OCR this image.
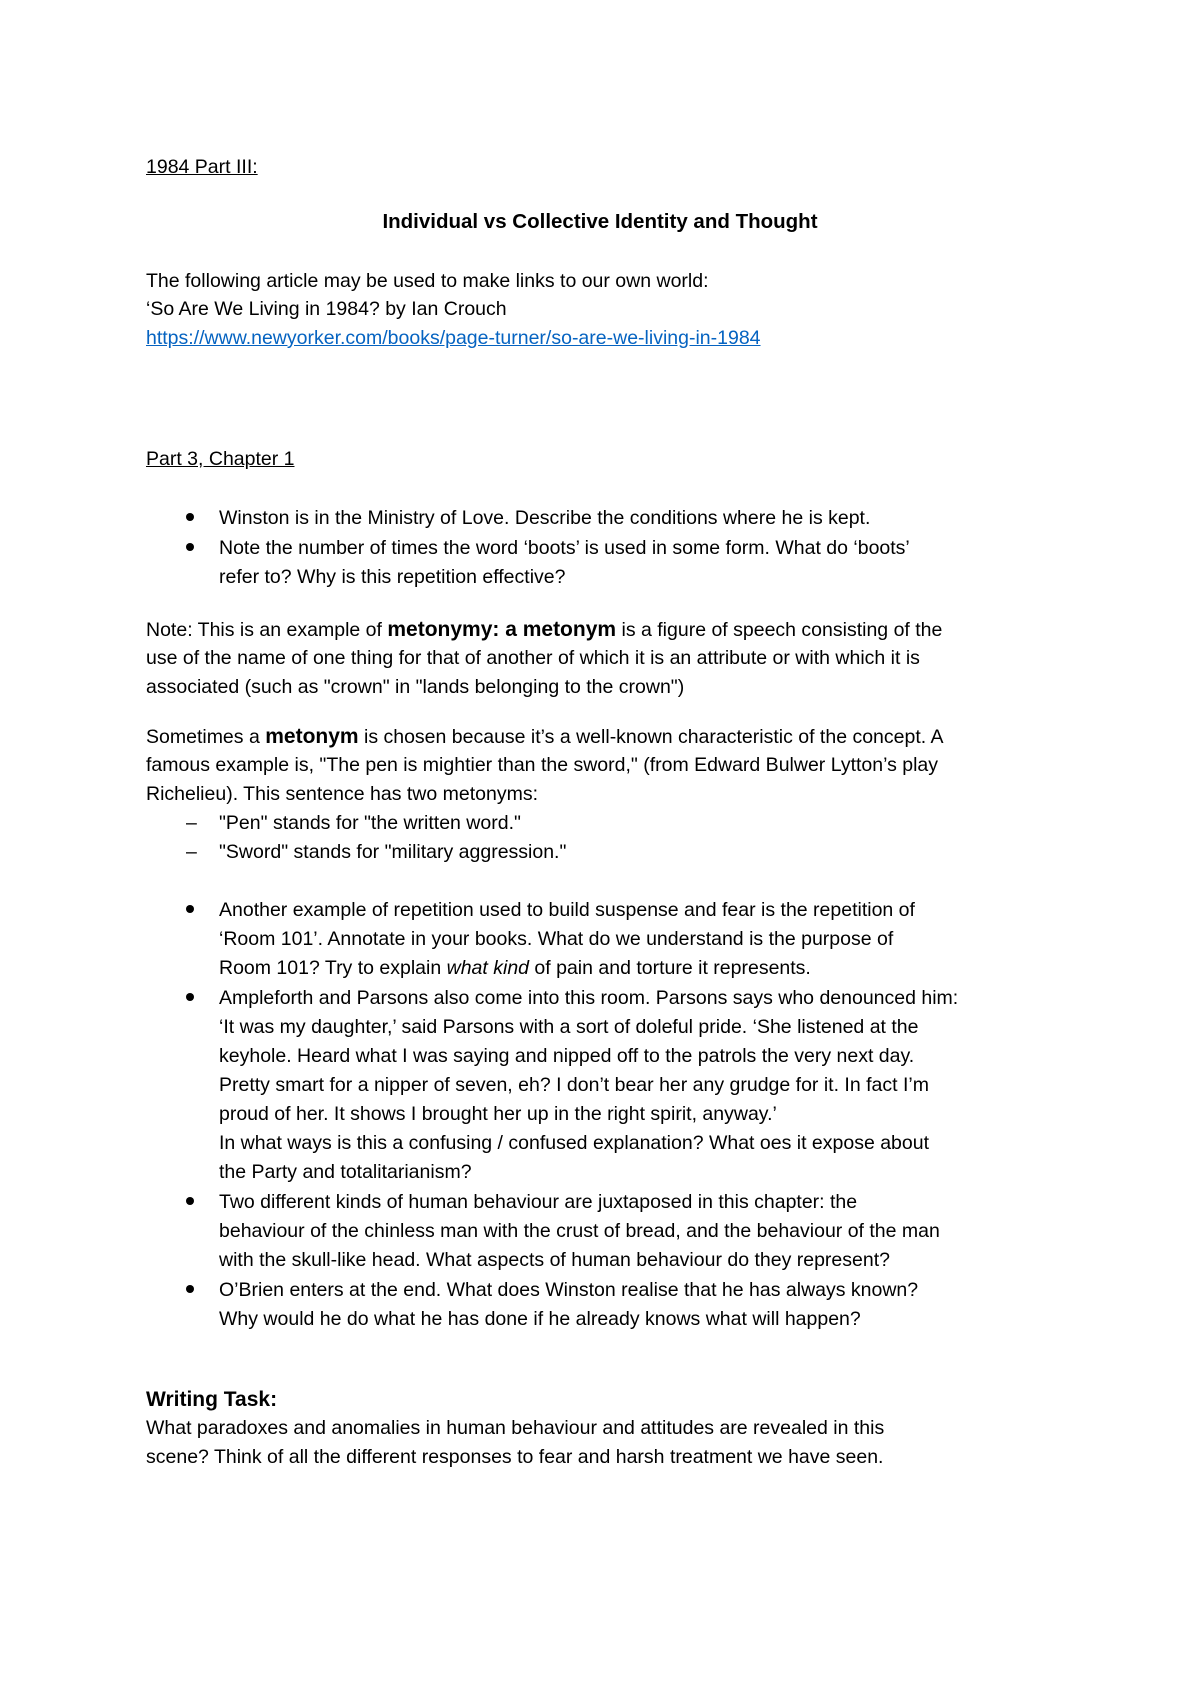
1984 Part III:
Individual vs Collective Identity and Thought
The following article may be used to make links to our own world:
‘So Are We Living in 1984? by Ian Crouch
https://www.newyorker.com/books/page-turner/so-are-we-living-in-1984
Part 3, Chapter 1
Winston is in the Ministry of Love. Describe the conditions where he is kept.
Note the number of times the word ‘boots’ is used in some form. What do ‘boots’
refer to? Why is this repetition effective?
Note: This is an example of metonymy: a metonym is a figure of speech consisting of the
use of the name of one thing for that of another of which it is an attribute or with which it is
associated (such as "crown" in "lands belonging to the crown")
Sometimes a metonym is chosen because it’s a well-known characteristic of the concept. A
famous example is, "The pen is mightier than the sword," (from Edward Bulwer Lytton’s play
Richelieu). This sentence has two metonyms:
– "Pen" stands for "the written word."
– "Sword" stands for "military aggression."
Another example of repetition used to build suspense and fear is the repetition of
‘Room 101’. Annotate in your books. What do we understand is the purpose of
Room 101? Try to explain what kind of pain and torture it represents.
Ampleforth and Parsons also come into this room. Parsons says who denounced him:
‘It was my daughter,’ said Parsons with a sort of doleful pride. ‘She listened at the
keyhole. Heard what I was saying and nipped off to the patrols the very next day.
Pretty smart for a nipper of seven, eh? I don’t bear her any grudge for it. In fact I’m
proud of her. It shows I brought her up in the right spirit, anyway.’
In what ways is this a confusing / confused explanation? What oes it expose about
the Party and totalitarianism?
Two different kinds of human behaviour are juxtaposed in this chapter: the
behaviour of the chinless man with the crust of bread, and the behaviour of the man
with the skull-like head. What aspects of human behaviour do they represent?
O’Brien enters at the end. What does Winston realise that he has always known?
Why would he do what he has done if he already knows what will happen?
Writing Task:
What paradoxes and anomalies in human behaviour and attitudes are revealed in this
scene? Think of all the different responses to fear and harsh treatment we have seen.
